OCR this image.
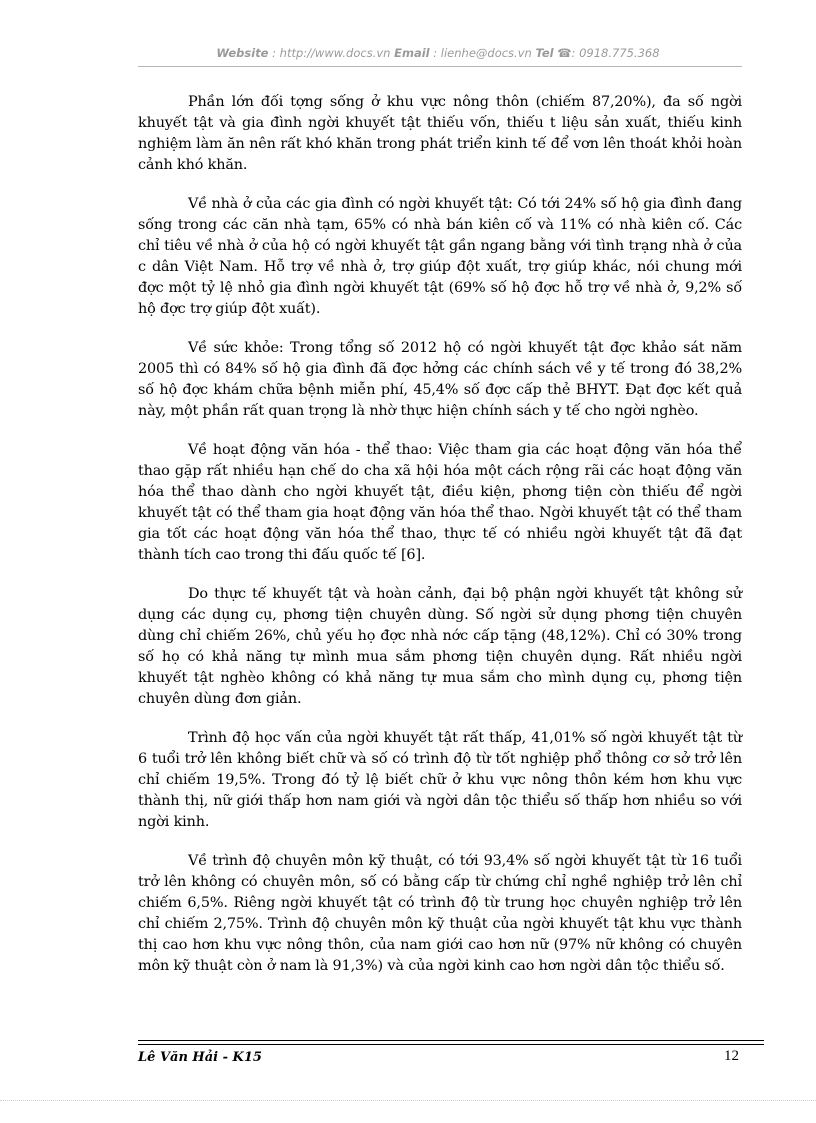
Website : http://www.docs.vn Email : lienhe@docs.vn Tel ☎: 0918.775.368

Phần lớn đối tợng sống ở khu vực nông thôn (chiếm 87,20%), đa số ngời khuyết tật và gia đình ngời khuyết tật thiếu vốn, thiếu t liệu sản xuất, thiếu kinh nghiệm làm ăn nên rất khó khăn trong phát triển kinh tế để vơn lên thoát khỏi hoàn cảnh khó khăn.

Về nhà ở của các gia đình có ngời khuyết tật: Có tới 24% số hộ gia đình đang sống trong các căn nhà tạm, 65% có nhà bán kiên cố và 11% có nhà kiên cố. Các chỉ tiêu về nhà ở của hộ có ngời khuyết tật gần ngang bằng với tình trạng nhà ở của c dân Việt Nam. Hỗ trợ về nhà ở, trợ giúp đột xuất, trợ giúp khác, nói chung mới đợc một tỷ lệ nhỏ gia đình ngời khuyết tật (69% số hộ đợc hỗ trợ về nhà ở, 9,2% số hộ đợc trợ giúp đột xuất).

Về sức khỏe: Trong tổng số 2012 hộ có ngời khuyết tật đợc khảo sát năm 2005 thì có 84% số hộ gia đình đã đợc hởng các chính sách về y tế trong đó 38,2% số hộ đợc khám chữa bệnh miễn phí, 45,4% số đợc cấp thẻ BHYT. Đạt đợc kết quả này, một phần rất quan trọng là nhờ thực hiện chính sách y tế cho ngời nghèo.

Về hoạt động văn hóa - thể thao: Việc tham gia các hoạt động văn hóa thể thao gặp rất nhiều hạn chế do cha xã hội hóa một cách rộng rãi các hoạt động văn hóa thể thao dành cho ngời khuyết tật, điều kiện, phơng tiện còn thiếu để ngời khuyết tật có thể tham gia hoạt động văn hóa thể thao. Ngời khuyết tật có thể tham gia tốt các hoạt động văn hóa thể thao, thực tế có nhiều ngời khuyết tật đã đạt thành tích cao trong thi đấu quốc tế [6].

Do thực tế khuyết tật và hoàn cảnh, đại bộ phận ngời khuyết tật không sử dụng các dụng cụ, phơng tiện chuyên dùng. Số ngời sử dụng phơng tiện chuyên dùng chỉ chiếm 26%, chủ yếu họ đợc nhà nớc cấp tặng (48,12%). Chỉ có 30% trong số họ có khả năng tự mình mua sắm phơng tiện chuyên dụng. Rất nhiều ngời khuyết tật nghèo không có khả năng tự mua sắm cho mình dụng cụ, phơng tiện chuyên dùng đơn giản.

Trình độ học vấn của ngời khuyết tật rất thấp, 41,01% số ngời khuyết tật từ 6 tuổi trở lên không biết chữ và số có trình độ từ tốt nghiệp phổ thông cơ sở trở lên chỉ chiếm 19,5%. Trong đó tỷ lệ biết chữ ở khu vực nông thôn kém hơn khu vực thành thị, nữ giới thấp hơn nam giới và ngời dân tộc thiểu số thấp hơn nhiều so với ngời kinh.

Về trình độ chuyên môn kỹ thuật, có tới 93,4% số ngời khuyết tật từ 16 tuổi trở lên không có chuyên môn, số có bằng cấp từ chứng chỉ nghề nghiệp trở lên chỉ chiếm 6,5%. Riêng ngời khuyết tật có trình độ từ trung học chuyên nghiệp trở lên chỉ chiếm 2,75%. Trình độ chuyên môn kỹ thuật của ngời khuyết tật khu vực thành thị cao hơn khu vực nông thôn, của nam giới cao hơn nữ (97% nữ không có chuyên môn kỹ thuật còn ở nam là 91,3%) và của ngời kinh cao hơn ngời dân tộc thiểu số.

Lê Văn Hải - K15	12
